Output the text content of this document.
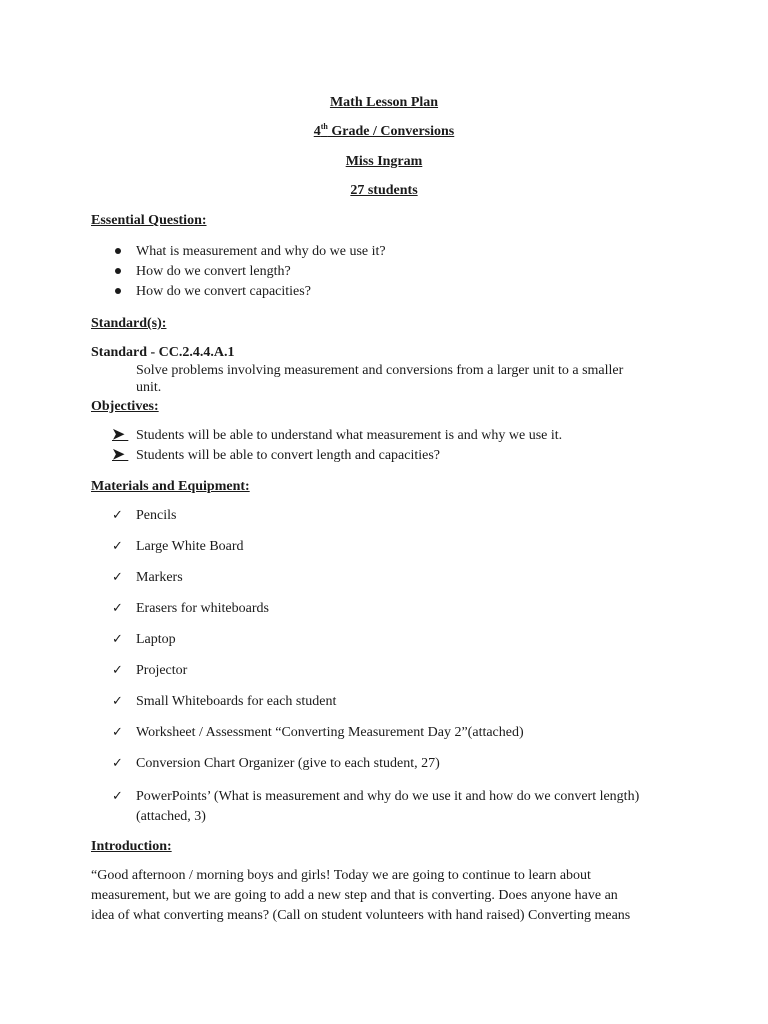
Math Lesson Plan
4th Grade / Conversions
Miss Ingram
27 students
Essential Question:
What is measurement and why do we use it?
How do we convert length?
How do we convert capacities?
Standard(s):
Standard - CC.2.4.4.A.1
Solve problems involving measurement and conversions from a larger unit to a smaller
unit.
Objectives:
➤ Students will be able to understand what measurement is and why we use it.
➤ Students will be able to convert length and capacities?
Materials and Equipment:
✓ Pencils
✓ Large White Board
✓ Markers
✓ Erasers for whiteboards
✓ Laptop
✓ Projector
✓ Small Whiteboards for each student
✓ Worksheet / Assessment “Converting Measurement Day 2”(attached)
✓ Conversion Chart Organizer (give to each student, 27)
✓ PowerPoints’ (What is measurement and why do we use it and how do we convert length)
(attached, 3)
Introduction:
“Good afternoon / morning boys and girls! Today we are going to continue to learn about
measurement, but we are going to add a new step and that is converting. Does anyone have an
idea of what converting means? (Call on student volunteers with hand raised) Converting means
